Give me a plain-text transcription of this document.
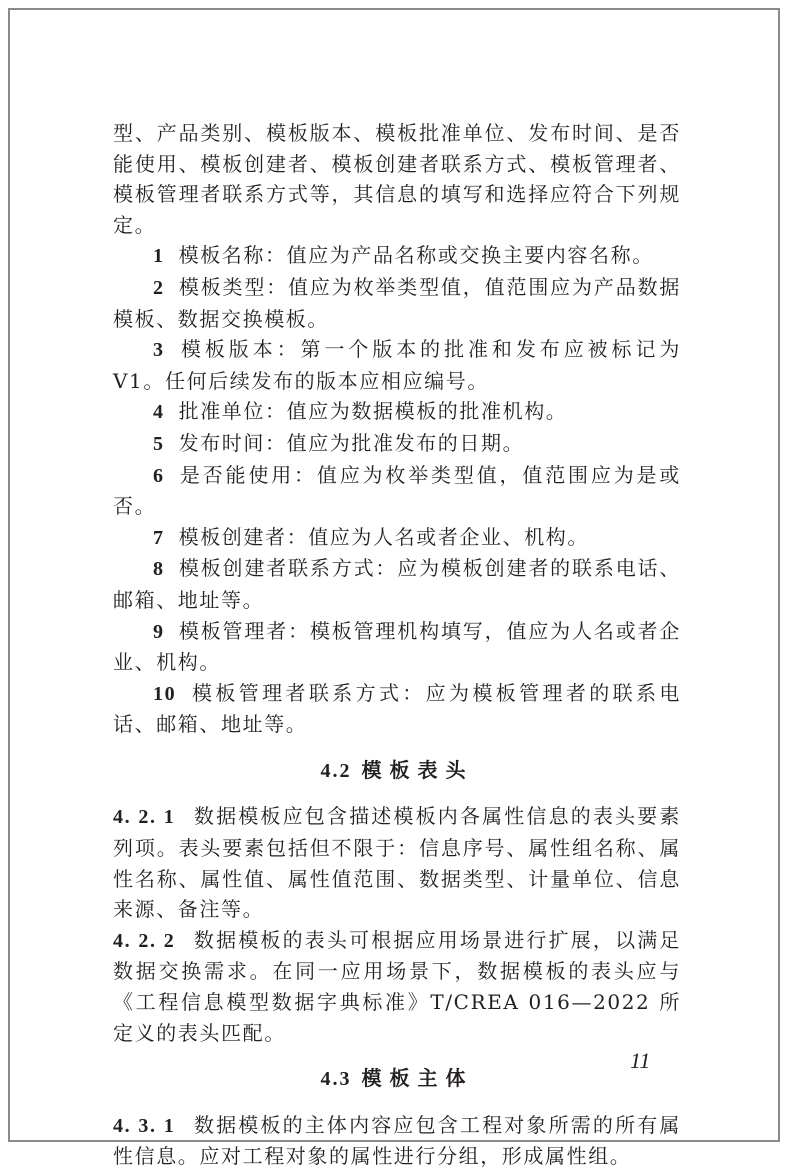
型、产品类别、模板版本、模板批准单位、发布时间、是否能使用、模板创建者、模板创建者联系方式、模板管理者、模板管理者联系方式等，其信息的填写和选择应符合下列规定。

1 模板名称：值应为产品名称或交换主要内容名称。

2 模板类型：值应为枚举类型值，值范围应为产品数据模板、数据交换模板。

3 模板版本：第一个版本的批准和发布应被标记为 V1。任何后续发布的版本应相应编号。

4 批准单位：值应为数据模板的批准机构。

5 发布时间：值应为批准发布的日期。

6 是否能使用：值应为枚举类型值，值范围应为是或否。

7 模板创建者：值应为人名或者企业、机构。

8 模板创建者联系方式：应为模板创建者的联系电话、邮箱、地址等。

9 模板管理者：模板管理机构填写，值应为人名或者企业、机构。

10 模板管理者联系方式：应为模板管理者的联系电话、邮箱、地址等。

4.2 模板表头

4. 2. 1 数据模板应包含描述模板内各属性信息的表头要素列项。表头要素包括但不限于：信息序号、属性组名称、属性名称、属性值、属性值范围、数据类型、计量单位、信息来源、备注等。

4. 2. 2 数据模板的表头可根据应用场景进行扩展，以满足数据交换需求。在同一应用场景下，数据模板的表头应与《工程信息模型数据字典标准》T/CREA 016—2022 所定义的表头匹配。

4.3 模板主体

4. 3. 1 数据模板的主体内容应包含工程对象所需的所有属性信息。应对工程对象的属性进行分组，形成属性组。

11
